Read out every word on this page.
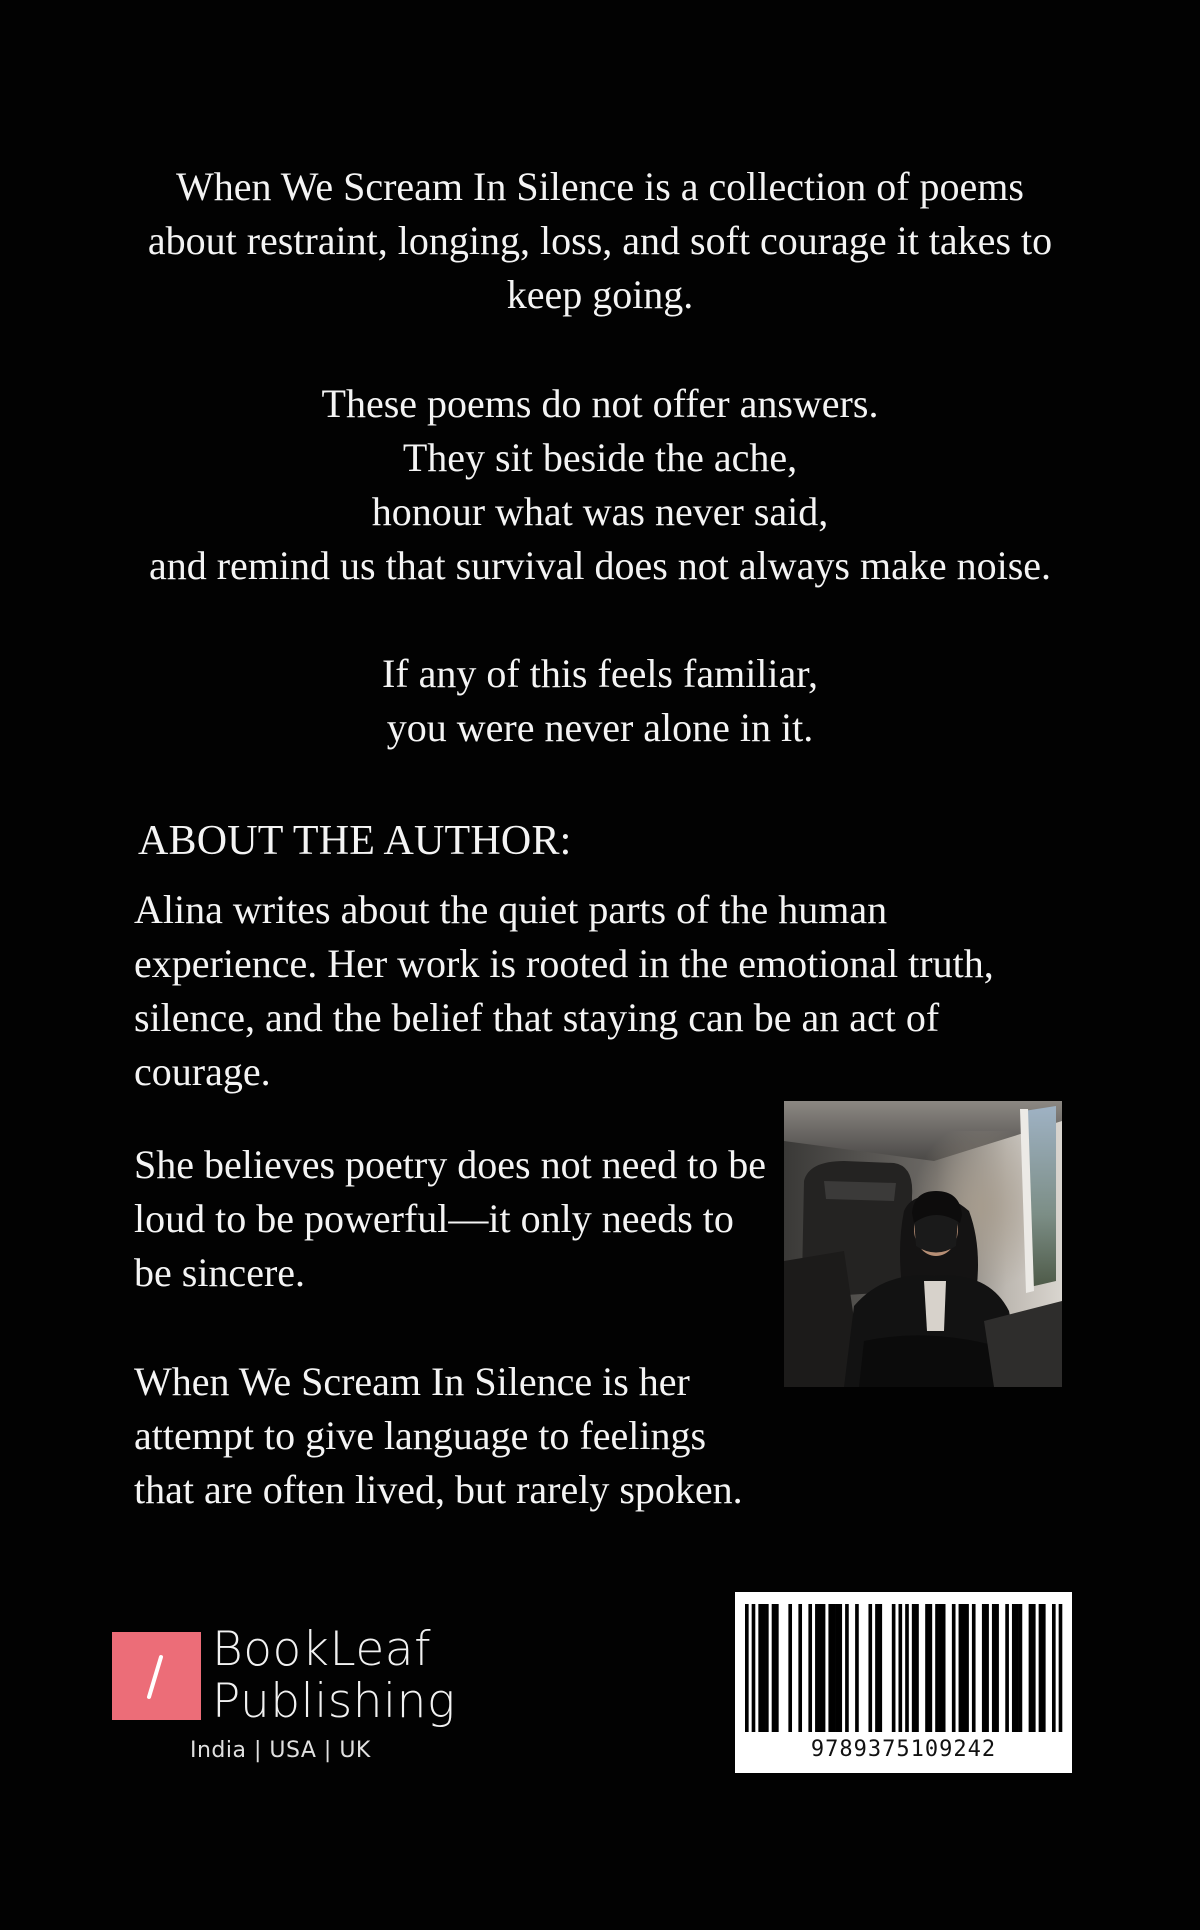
When We Scream In Silence is a collection of poems
about restraint, longing, loss, and soft courage it takes to
keep going.
These poems do not offer answers.
They sit beside the ache,
honour what was never said,
and remind us that survival does not always make noise.
If any of this feels familiar,
you were never alone in it.
ABOUT THE AUTHOR:
Alina writes about the quiet parts of the human
experience. Her work is rooted in the emotional truth,
silence, and the belief that staying can be an act of
courage.
She believes poetry does not need to be
loud to be powerful—it only needs to
be sincere.
When We Scream In Silence is her
attempt to give language to feelings
that are often lived, but rarely spoken.
BookLeaf
Publishing
India | USA | UK	9789375109242
